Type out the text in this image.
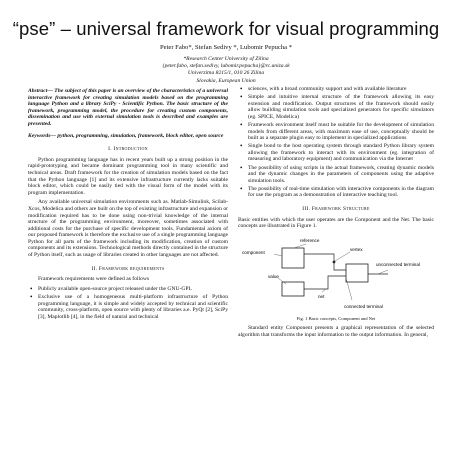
“pse” – universal framework for visual programming
Peter Fabo*, Stefan Sedivy *, Lubomir Pepucha *
*Research Center University of Zilina
{peter.fabo, stefan.sedivy, lubomir.pepucha}@rc.uniza.sk
Univerzitna 8215/1, 010 26 Zilina
Slovakia, European Union
Abstract— The subject of this paper is an overview of the characteristics of a universal interactive framework for creating simulation models based on the programming language Python and a library SciPy - Scientific Python. The basic structure of the framework, programming model, the procedure for creating custom components, dissemination and use with external simulation tools is described and examples are presented.
Keywords— python, programming, simulation, framework, block editor, open source
I. Introduction

Python programming language has in recent years built up a strong position in the rapid-prototyping and became dominant programming tool in many scientific and technical areas. Draft framework for the creation of simulation models based on the fact that the Python language [1] and its extensive infrastructure currently lacks suitable block editor, which could be easily tied with the visual form of the model with its program implementation.

Any available universal simulation environments such as. Matlab-Simulink, Scilab-Xcos, Modelica and others are built on the top of existing infrastructure and expansion or modification required has to be done using non-trivial knowledge of the internal structure of the programming environment, moreover, sometimes associated with additional costs for the purchase of specific development tools. Fundamental axiom of our proposed framework is therefore the exclusive use of a single programming language Python for all parts of the framework including its modification, creation of custom components and its extensions. Technological methods directly contained in the structure of Python itself, such as usage of libraries created in other languages are not affected.

II. Framework requirements

Framework requirements were defined as follows

• Publicly available open-source project released under the GNU-GPL
• Exclusive use of a homogeneous multi-platform infrastructure of Python programming language, it is simple and widely accepted by technical and scientific community, cross-platform, open source with plenty of libraries a.e. PyQt [2], SciPy [3], Maplotlib [4], in the field of natural and technical
• sciences, with a broad community support and with available literature
• Simple and intuitive internal structure of the framework allowing its easy extension and modification. Output structures of the framework should easily allow building simulation tools and specialized generators for specific simulators (eg. SPICE, Modelica)
• Framework environment itself must be suitable for the development of simulation models from different areas, with maximum ease of use, conceptually should be built as a separate plugin easy to implement in specialized applications
• Single bond to the host operating system through standard Python library system allowing the framework to interact with its environment (eg. integration of measuring and laboratory equipment) and communication via the Internet
• The possibility of using scripts in the actual framework, creating dynamic models and the dynamic changes in the parameters of components using the adaptive simulation tools.
• The possibility of real-time simulation with interactive components in the diagram for use the program as a demonstration of interactive teaching tool.
III. Framework Structure

Basic entities with which the user operates are the Component and the Net. The basic concepts are illustrated in Figure 1.

reference
component
vertex
unconnected terminal
value
net
connected terminal
Fig. 1 Basic concepts, Component and Net

Standard entity Component presents a graphical representation of the selected algorithm that transforms the input information to the output information. In general,
